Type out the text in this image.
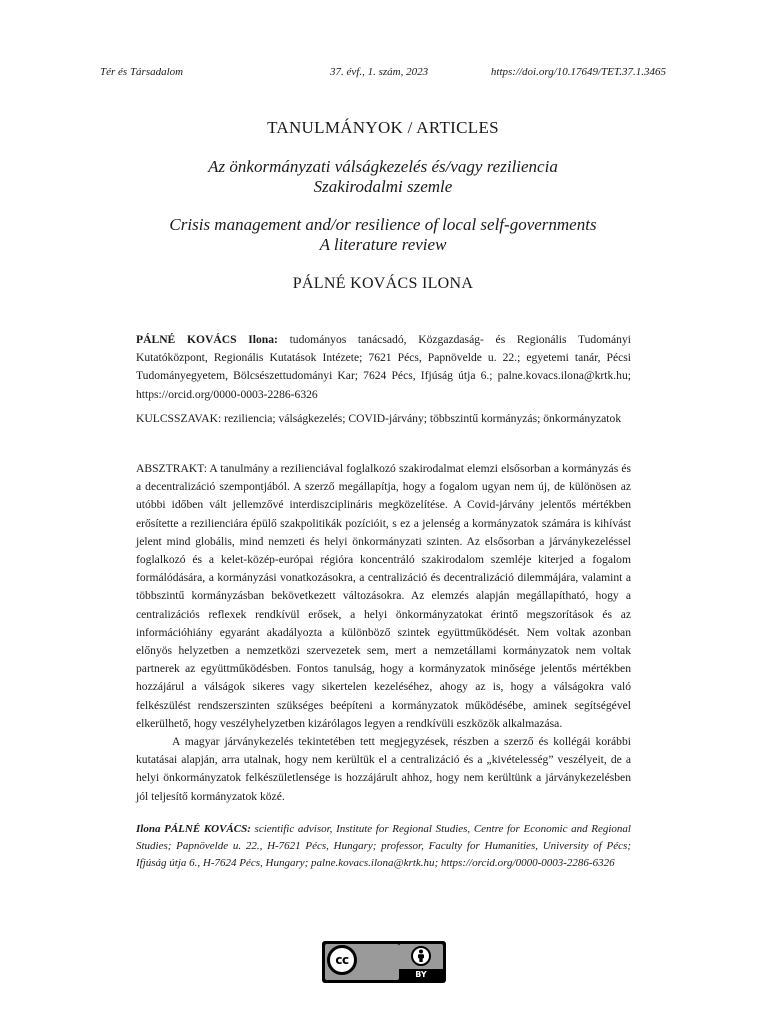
Tér és Társadalom	37. évf., 1. szám, 2023	https://doi.org/10.17649/TET.37.1.3465
TANULMÁNYOK / ARTICLES
Az önkormányzati válságkezelés és/vagy reziliencia
Szakirodalmi szemle
Crisis management and/or resilience of local self-governments
A literature review
PÁLNÉ KOVÁCS ILONA
PÁLNÉ KOVÁCS Ilona: tudományos tanácsadó, Közgazdaság- és Regionális Tudományi Kutatóközpont, Regionális Kutatások Intézete; 7621 Pécs, Papnövelde u. 22.; egyetemi tanár, Pécsi Tudományegyetem, Bölcsészettudományi Kar; 7624 Pécs, Ifjúság útja 6.; palne.kovacs.ilona@krtk.hu; https://orcid.org/0000-0003-2286-6326
KULCSSZAVAK: reziliencia; válságkezelés; COVID-járvány; többszintű kormányzás; önkormányzatok

ABSZTRAKT: A tanulmány a rezilienciával foglalkozó szakirodalmat elemzi elsősorban a kormányzás és a decentralizáció szempontjából. A szerző megállapítja, hogy a fogalom ugyan nem új, de különösen az utóbbi időben vált jellemzővé interdiszciplináris megközelítése. A Covid-járvány jelentős mértékben erősítette a rezilienciára épülő szakpolitikák pozícióit, s ez a jelenség a kormányzatok számára is kihívást jelent mind globális, mind nemzeti és helyi önkormányzati szinten. Az elsősorban a járványkezeléssel foglalkozó és a kelet-közép-európai régióra koncentráló szakirodalom szemléje kiterjed a fogalom formálódására, a kormányzási vonatkozásokra, a centralizáció és decentralizáció dilemmájára, valamint a többszintű kormányzásban bekövetkezett változásokra. Az elemzés alapján megállapítható, hogy a centralizációs reflexek rendkívül erősek, a helyi önkormányzatokat érintő megszorítások és az információhiány egyaránt akadályozta a különböző szintek együttműködését. Nem voltak azonban előnyös helyzetben a nemzetközi szervezetek sem, mert a nemzetállami kormányzatok nem voltak partnerek az együttműködésben. Fontos tanulság, hogy a kormányzatok minősége jelentős mértékben hozzájárul a válságok sikeres vagy sikertelen kezeléséhez, ahogy az is, hogy a válságokra való felkészülést rendszerszinten szükséges beépíteni a kormányzatok működésébe, aminek segítségével elkerülhető, hogy veszélyhelyzetben kizárólagos legyen a rendkívüli eszközök alkalmazása.

A magyar járványkezelés tekintetében tett megjegyzések, részben a szerző és kollégái korábbi kutatásai alapján, arra utalnak, hogy nem kerültük el a centralizáció és a „kivételesség” veszélyeit, de a helyi önkormányzatok felkészületlensége is hozzájárult ahhoz, hogy nem kerültünk a járványkezelésben jól teljesítő kormányzatok közé.

Ilona PÁLNÉ KOVÁCS: scientific advisor, Institute for Regional Studies, Centre for Economic and Regional Studies; Papnövelde u. 22., H-7621 Pécs, Hungary; professor, Faculty for Humanities, University of Pécs; Ifjúság útja 6., H-7624 Pécs, Hungary; palne.kovacs.ilona@krtk.hu; https://orcid.org/0000-0003-2286-6326
cc
BY
